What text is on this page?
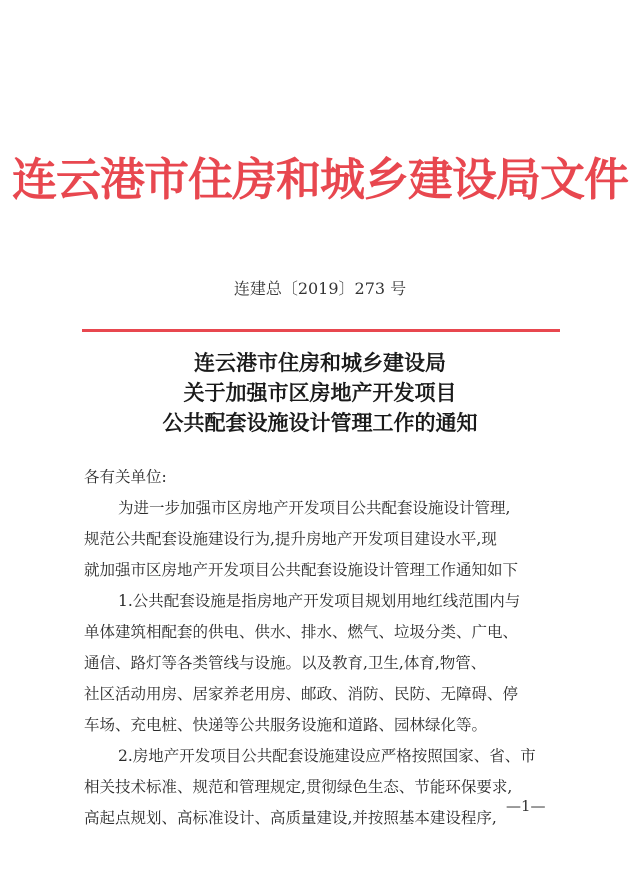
连云港市住房和城乡建设局文件
连建总〔2019〕273 号
连云港市住房和城乡建设局
关于加强市区房地产开发项目
公共配套设施设计管理工作的通知

各有关单位:

为进一步加强市区房地产开发项目公共配套设施设计管理,

规范公共配套设施建设行为,提升房地产开发项目建设水平,现

就加强市区房地产开发项目公共配套设施设计管理工作通知如下

1.公共配套设施是指房地产开发项目规划用地红线范围内与

单体建筑相配套的供电、供水、排水、燃气、垃圾分类、广电、

通信、路灯等各类管线与设施。以及教育,卫生,体育,物管、

社区活动用房、居家养老用房、邮政、消防、民防、无障碍、停

车场、充电桩、快递等公共服务设施和道路、园林绿化等。

2.房地产开发项目公共配套设施建设应严格按照国家、省、市

相关技术标准、规范和管理规定,贯彻绿色生态、节能环保要求,

高起点规划、高标准设计、高质量建设,并按照基本建设程序,

—1—
